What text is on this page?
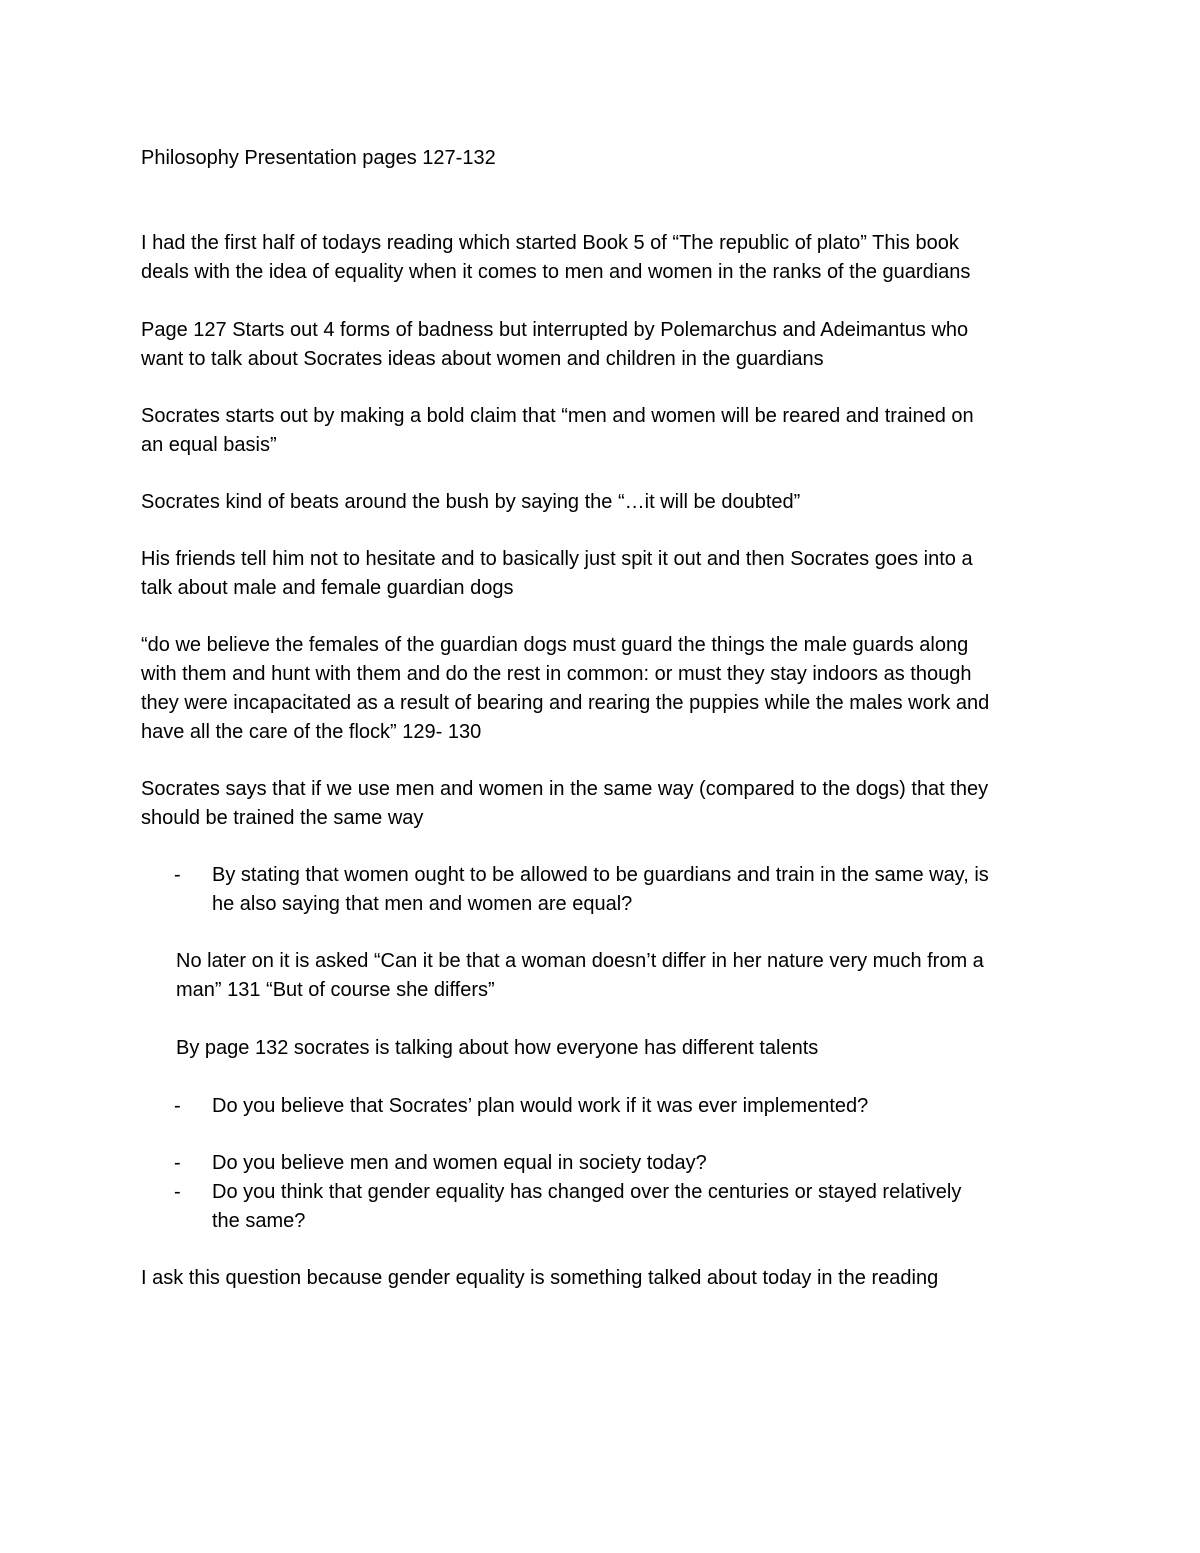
Philosophy Presentation pages 127-132
I had the first half of todays reading which started Book 5 of “The republic of plato” This book
deals with the idea of equality when it comes to men and women in the ranks of the guardians
Page 127 Starts out 4 forms of badness but interrupted by Polemarchus and Adeimantus who
want to talk about Socrates ideas about women and children in the guardians
Socrates starts out by making a bold claim that “men and women will be reared and trained on
an equal basis”
Socrates kind of beats around the bush by saying the “…it will be doubted”
His friends tell him not to hesitate and to basically just spit it out and then Socrates goes into a
talk about male and female guardian dogs
“do we believe the females of the guardian dogs must guard the things the male guards along
with them and hunt with them and do the rest in common: or must they stay indoors as though
they were incapacitated as a result of bearing and rearing the puppies while the males work and
have all the care of the flock” 129- 130
Socrates says that if we use men and women in the same way (compared to the dogs) that they
should be trained the same way
- By stating that women ought to be allowed to be guardians and train in the same way, is
he also saying that men and women are equal?
No later on it is asked “Can it be that a woman doesn’t differ in her nature very much from a
man” 131 “But of course she differs”
By page 132 socrates is talking about how everyone has different talents
- Do you believe that Socrates’ plan would work if it was ever implemented?
- Do you believe men and women equal in society today?
- Do you think that gender equality has changed over the centuries or stayed relatively
the same?
I ask this question because gender equality is something talked about today in the reading
